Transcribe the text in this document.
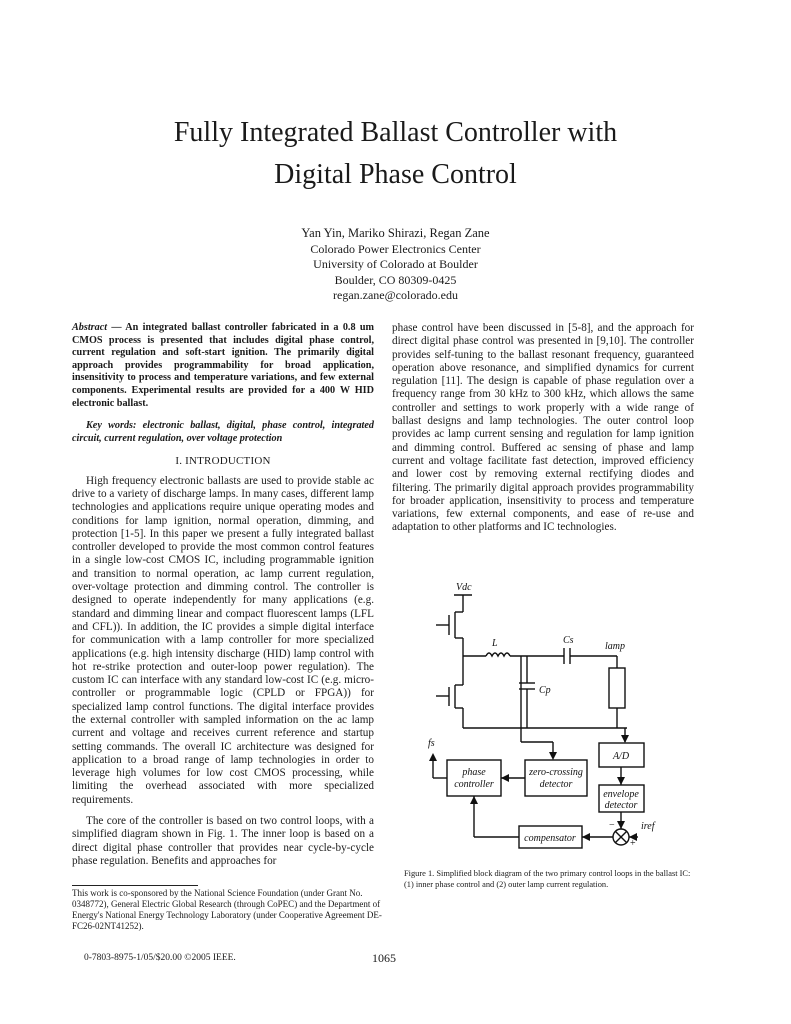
Fully Integrated Ballast Controller with
Digital Phase Control
Yan Yin, Mariko Shirazi, Regan Zane
Colorado Power Electronics Center
University of Colorado at Boulder
Boulder, CO 80309-0425
regan.zane@colorado.edu
Abstract — An integrated ballast controller fabricated in a 0.8 um CMOS process is presented that includes digital phase control, current regulation and soft-start ignition. The primarily digital approach provides programmability for broad application, insensitivity to process and temperature variations, and few external components. Experimental results are provided for a 400 W HID electronic ballast.
Key words: electronic ballast, digital, phase control, integrated circuit, current regulation, over voltage protection
I. INTRODUCTION

High frequency electronic ballasts are used to provide stable ac drive to a variety of discharge lamps. In many cases, different lamp technologies and applications require unique operating modes and conditions for lamp ignition, normal operation, dimming, and protection [1-5]. In this paper we present a fully integrated ballast controller developed to provide the most common control features in a single low-cost CMOS IC, including programmable ignition and transition to normal operation, ac lamp current regulation, over-voltage protection and dimming control. The controller is designed to operate independently for many applications (e.g. standard and dimming linear and compact fluorescent lamps (LFL and CFL)). In addition, the IC provides a simple digital interface for communication with a lamp controller for more specialized applications (e.g. high intensity discharge (HID) lamp control with hot re-strike protection and outer-loop power regulation). The custom IC can interface with any standard low-cost IC (e.g. micro-controller or programmable logic (CPLD or FPGA)) for specialized lamp control functions. The digital interface provides the external controller with sampled information on the ac lamp current and voltage and receives current reference and startup setting commands. The overall IC architecture was designed for application to a broad range of lamp technologies in order to leverage high volumes for low cost CMOS processing, while limiting the overhead associated with more specialized requirements.

The core of the controller is based on two control loops, with a simplified diagram shown in Fig. 1. The inner loop is based on a direct digital phase controller that provides near cycle-by-cycle phase regulation. Benefits and approaches for

phase control have been discussed in [5-8], and the approach for direct digital phase control was presented in [9,10]. The controller provides self-tuning to the ballast resonant frequency, guaranteed operation above resonance, and simplified dynamics for current regulation [11]. The design is capable of phase regulation over a frequency range from 30 kHz to 300 kHz, which allows the same controller and settings to work properly with a wide range of ballast designs and lamp technologies. The outer control loop provides ac lamp current sensing and regulation for lamp ignition and dimming control. Buffered ac sensing of phase and lamp current and voltage facilitate fast detection, improved efficiency and lower cost by removing external rectifying diodes and filtering. The primarily digital approach provides programmability for broader application, insensitivity to process and temperature variations, few external components, and ease of re-use and adaptation to other platforms and IC technologies.

Vdc
L	Cs
lamp
Cp
fs
phase
controller
zero-crossing
detector
A/D
envelope
detector
compensator
iref
−
+
Figure 1. Simplified block diagram of the two primary control loops in the ballast IC: (1) inner phase control and (2) outer lamp current regulation.
This work is co-sponsored by the National Science Foundation (under Grant No. 0348772), General Electric Global Research (through CoPEC) and the Department of Energy's National Energy Technology Laboratory (under Cooperative Agreement DE-FC26-02NT41252).
0-7803-8975-1/05/$20.00 ©2005 IEEE.	1065
